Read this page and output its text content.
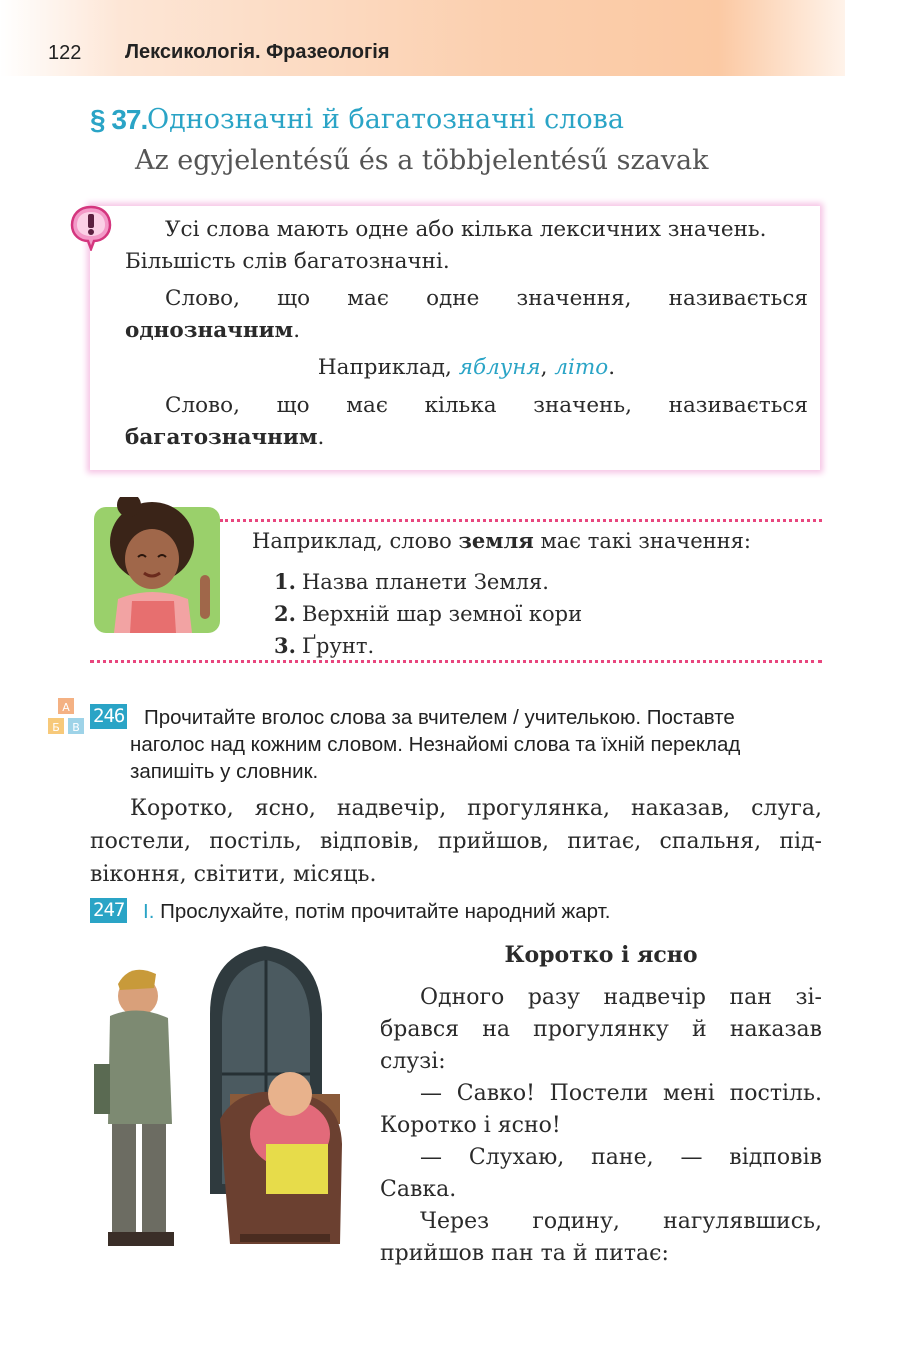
122 Лексикологія. Фразеологія
§ 37. Однозначні й багатозначні слова
Az egyjelentésű és a többjelentésű szavak

Усі слова мають одне або кілька лексичних значень.

Більшість слів багатозначні.

Слово, що має одне значення, називається

однозначним.

Наприклад, яблуня, літо.

Слово, що має кілька значень, називається

багатозначним.

Наприклад, слово земля має такі значення:
1. Назва планети Земля.
2. Верхній шар земної кори
3. Ґрунт.
A
Б В
246 Прочитайте вголос слова за вчителем / учителькою. Поставте
наголос над кожним словом. Незнайомі слова та їхній переклад
запишіть у словник.
Коротко, ясно, надвечір, прогулянка, наказав, слуга,
постели, постіль, відповів, прийшов, питає, спальня, під-
віконня, світити, місяць.
247 І. Прослухайте, потім прочитайте народний жарт.
Коротко і ясно
Одного разу надвечір пан зі-
брався на прогулянку й наказав
слузі:
— Савко! Постели мені постіль.
Коротко і ясно!
— Слухаю, пане, — відповів
Савка.
Через годину, нагулявшись,
прийшов пан та й питає:
